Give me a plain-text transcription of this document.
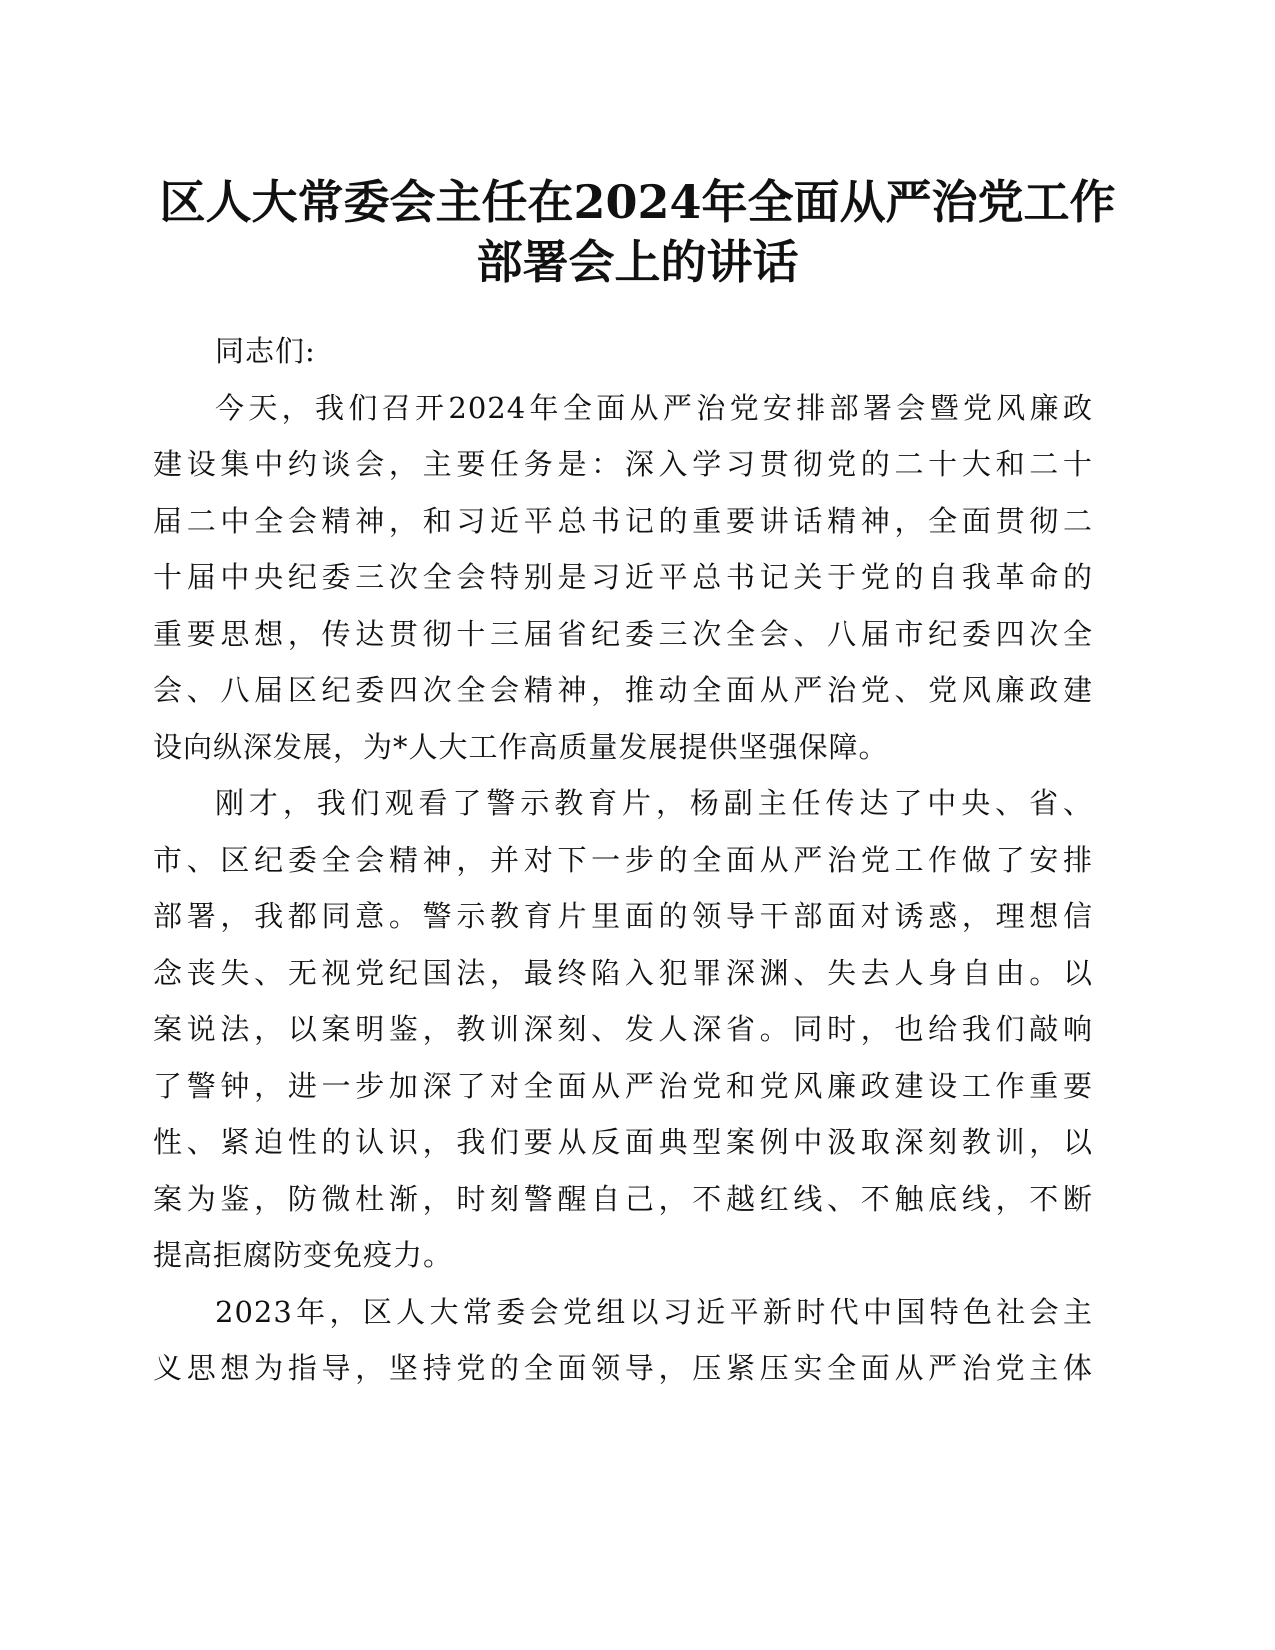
区人大常委会主任在2024年全面从严治党工作
部署会上的讲话

同志们:

今天，我们召开2024年全面从严治党安排部署会暨党风廉政
建设集中约谈会，主要任务是：深入学习贯彻党的二十大和二十
届二中全会精神，和习近平总书记的重要讲话精神，全面贯彻二
十届中央纪委三次全会特别是习近平总书记关于党的自我革命的
重要思想，传达贯彻十三届省纪委三次全会、八届市纪委四次全
会、八届区纪委四次全会精神，推动全面从严治党、党风廉政建
设向纵深发展，为*人大工作高质量发展提供坚强保障。

刚才，我们观看了警示教育片，杨副主任传达了中央、省、
市、区纪委全会精神，并对下一步的全面从严治党工作做了安排
部署，我都同意。警示教育片里面的领导干部面对诱惑，理想信
念丧失、无视党纪国法，最终陷入犯罪深渊、失去人身自由。以
案说法，以案明鉴，教训深刻、发人深省。同时，也给我们敲响
了警钟，进一步加深了对全面从严治党和党风廉政建设工作重要
性、紧迫性的认识，我们要从反面典型案例中汲取深刻教训，以
案为鉴，防微杜渐，时刻警醒自己，不越红线、不触底线，不断
提高拒腐防变免疫力。

2023年，区人大常委会党组以习近平新时代中国特色社会主
义思想为指导，坚持党的全面领导，压紧压实全面从严治党主体
